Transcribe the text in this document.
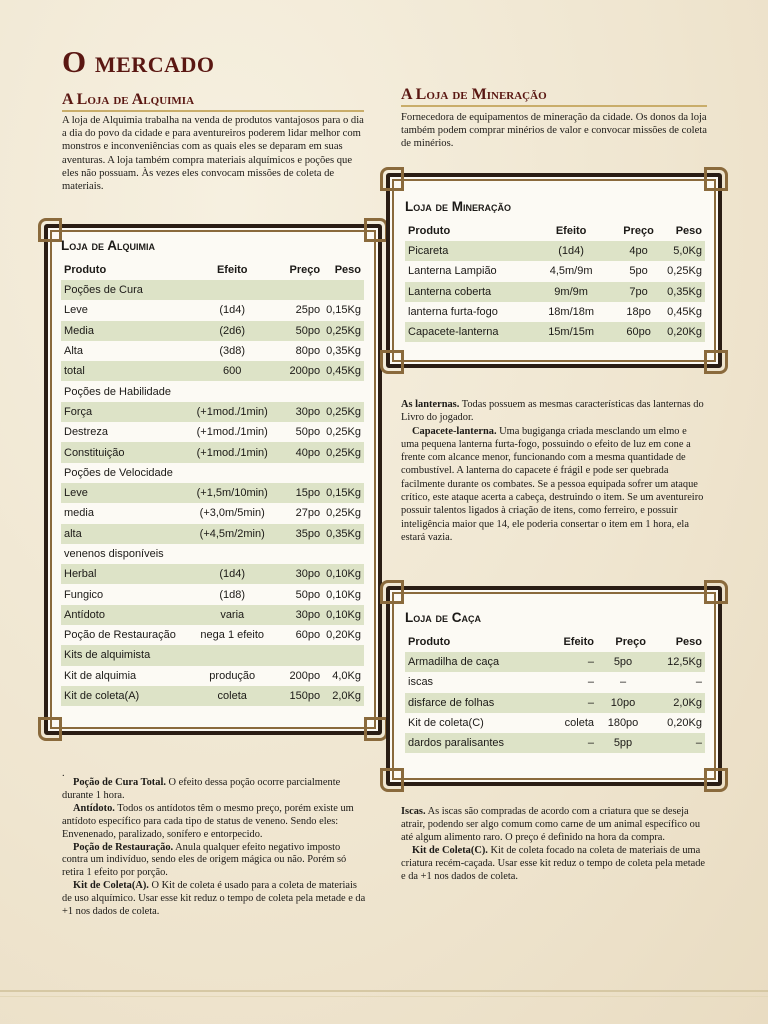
O mercado
A Loja de Alquimia

A loja de Alquimia trabalha na venda de produtos vantajosos para o dia a dia do povo da cidade e para aventureiros poderem lidar melhor com monstros e inconveniências com as quais eles se deparam em suas aventuras. A loja também compra materiais alquímicos e poções que eles não possuam. Às vezes eles convocam missões de coleta de materiais.

Loja de Alquimia
Produto	Efeito	Preço	Peso
Poções de Cura			
Leve	(1d4)	25po	0,15Kg
Media	(2d6)	50po	0,25Kg
Alta	(3d8)	80po	0,35Kg
total	600	200po	0,45Kg
Poções de Habilidade			
Força	(+1mod./1min)	30po	0,25Kg
Destreza	(+1mod./1min)	50po	0,25Kg
Constituição	(+1mod./1min)	40po	0,25Kg
Poções de Velocidade			
Leve	(+1,5m/10min)	15po	0,15Kg
media	(+3,0m/5min)	27po	0,25Kg
alta	(+4,5m/2min)	35po	0,35Kg
venenos disponíveis			
Herbal	(1d4)	30po	0,10Kg
Fungico	(1d8)	50po	0,10Kg
Antídoto	varia	30po	0,10Kg
Poção de Restauração	nega 1 efeito	60po	0,20Kg
Kits de alquimista			
Kit de alquimia	produção	200po	4,0Kg
Kit de coleta(A)	coleta	150po	2,0Kg

.

Poção de Cura Total. O efeito dessa poção ocorre parcialmente durante 1 hora.

Antídoto. Todos os antídotos têm o mesmo preço, porém existe um antídoto específico para cada tipo de status de veneno. Sendo eles: Envenenado, paralizado, sonífero e entorpecido.

Poção de Restauração. Anula qualquer efeito negativo imposto contra um indivíduo, sendo eles de origem mágica ou não. Porém só retira 1 efeito por porção.

Kit de Coleta(A). O Kit de coleta é usado para a coleta de materiais de uso alquímico. Usar esse kit reduz o tempo de coleta pela metade e da +1 nos dados de coleta.

A Loja de Mineração

Fornecedora de equipamentos de mineração da cidade. Os donos da loja também podem comprar minérios de valor e convocar missões de coleta de minérios.

Loja de Mineração
Produto	Efeito	Preço	Peso
Picareta	(1d4)	4po	5,0Kg
Lanterna Lampião	4,5m/9m	5po	0,25Kg
Lanterna coberta	9m/9m	7po	0,35Kg
lanterna furta-fogo	18m/18m	18po	0,45Kg
Capacete-lanterna	15m/15m	60po	0,20Kg

As lanternas. Todas possuem as mesmas características das lanternas do Livro do jogador.

Capacete-lanterna. Uma bugiganga criada mesclando um elmo e uma pequena lanterna furta-fogo, possuindo o efeito de luz em cone a frente com alcance menor, funcionando com a mesma quantidade de combustível. A lanterna do capacete é frágil e pode ser quebrada facilmente durante os combates. Se a pessoa equipada sofrer um ataque crítico, este ataque acerta a cabeça, destruindo o item. Se um aventureiro possuir talentos ligados à criação de itens, como ferreiro, e possuir inteligência maior que 14, ele poderia consertar o item em 1 hora, ela estará vazia.

Loja de Caça
Produto	Efeito	Preço	Peso
Armadilha de caça	–	5po	12,5Kg
iscas	–	–	–
disfarce de folhas	–	10po	2,0Kg
Kit de coleta(C)	coleta	180po	0,20Kg
dardos paralisantes	–	5pp	–

Iscas. As iscas são compradas de acordo com a criatura que se deseja atrair, podendo ser algo comum como carne de um animal específico ou até algum alimento raro. O preço é definido na hora da compra.

Kit de Coleta(C). Kit de coleta focado na coleta de materiais de uma criatura recém-caçada. Usar esse kit reduz o tempo de coleta pela metade e da +1 nos dados de coleta.
